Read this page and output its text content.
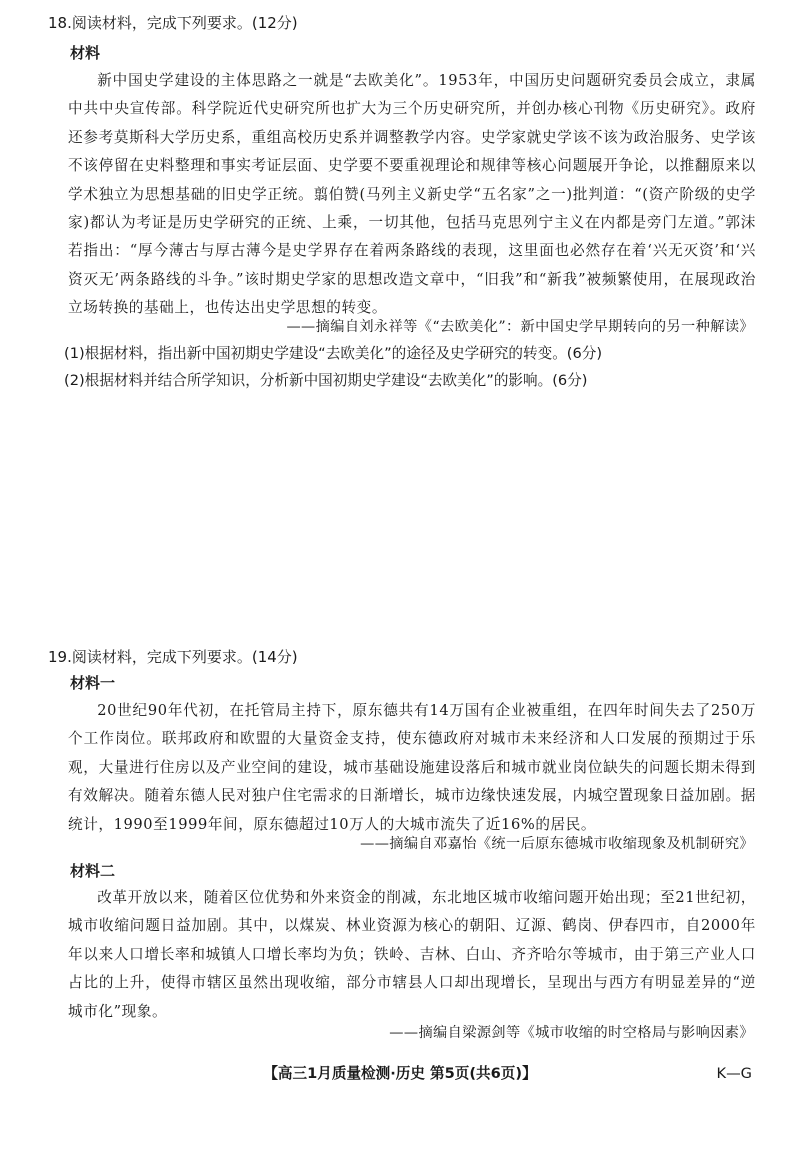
18.阅读材料，完成下列要求。(12分)
材料
新中国史学建设的主体思路之一就是“去欧美化”。1953年，中国历史问题研究委员会成立，隶属中共中央宣传部。科学院近代史研究所也扩大为三个历史研究所，并创办核心刊物《历史研究》。政府还参考莫斯科大学历史系，重组高校历史系并调整教学内容。史学家就史学该不该为政治服务、史学该不该停留在史料整理和事实考证层面、史学要不要重视理论和规律等核心问题展开争论，以推翻原来以学术独立为思想基础的旧史学正统。翦伯赞(马列主义新史学“五名家”之一)批判道：“(资产阶级的史学家)都认为考证是历史学研究的正统、上乘，一切其他，包括马克思列宁主义在内都是旁门左道。”郭沫若指出：“厚今薄古与厚古薄今是史学界存在着两条路线的表现，这里面也必然存在着‘兴无灭资’和‘兴资灭无’两条路线的斗争。”该时期史学家的思想改造文章中，“旧我”和“新我”被频繁使用，在展现政治立场转换的基础上，也传达出史学思想的转变。
——摘编自刘永祥等《“去欧美化”：新中国史学早期转向的另一种解读》
(1)根据材料，指出新中国初期史学建设“去欧美化”的途径及史学研究的转变。(6分)
(2)根据材料并结合所学知识，分析新中国初期史学建设“去欧美化”的影响。(6分)
19.阅读材料，完成下列要求。(14分)
材料一
20世纪90年代初，在托管局主持下，原东德共有14万国有企业被重组，在四年时间失去了250万个工作岗位。联邦政府和欧盟的大量资金支持，使东德政府对城市未来经济和人口发展的预期过于乐观，大量进行住房以及产业空间的建设，城市基础设施建设落后和城市就业岗位缺失的问题长期未得到有效解决。随着东德人民对独户住宅需求的日渐增长，城市边缘快速发展，内城空置现象日益加剧。据统计，1990至1999年间，原东德超过10万人的大城市流失了近16%的居民。
——摘编自邓嘉怡《统一后原东德城市收缩现象及机制研究》
材料二
改革开放以来，随着区位优势和外来资金的削减，东北地区城市收缩问题开始出现；至21世纪初，城市收缩问题日益加剧。其中，以煤炭、林业资源为核心的朝阳、辽源、鹤岗、伊春四市，自2000年年以来人口增长率和城镇人口增长率均为负；铁岭、吉林、白山、齐齐哈尔等城市，由于第三产业人口占比的上升，使得市辖区虽然出现收缩，部分市辖县人口却出现增长，呈现出与西方有明显差异的“逆城市化”现象。
——摘编自梁源剑等《城市收缩的时空格局与影响因素》
【高三1月质量检测·历史 第5页(共6页)】	K—G
